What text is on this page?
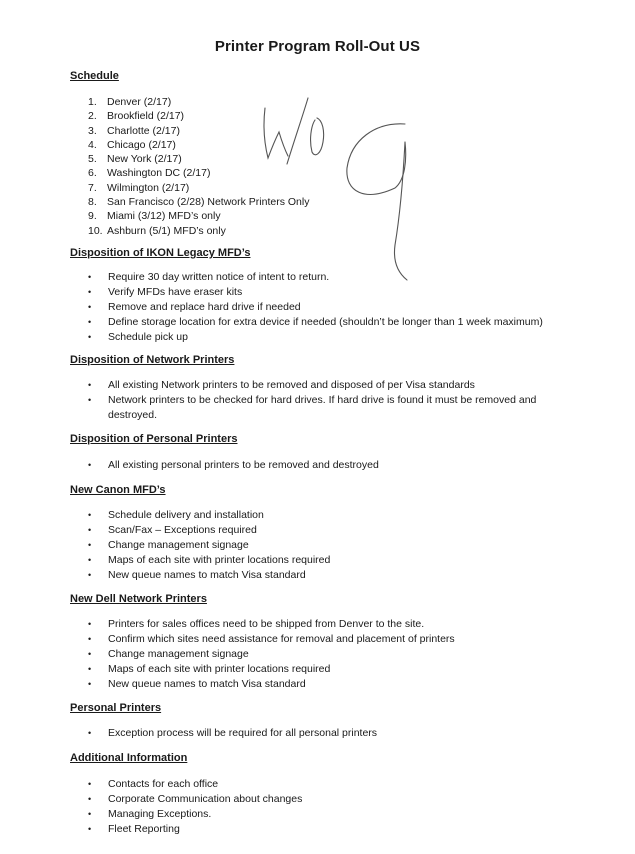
Printer Program Roll-Out US
Schedule
1. Denver (2/17)
2. Brookfield (2/17)
3. Charlotte (2/17)
4. Chicago (2/17)
5. New York (2/17)
6. Washington DC (2/17)
7. Wilmington (2/17)
8. San Francisco (2/28) Network Printers Only
9. Miami (3/12) MFD’s only
10. Ashburn (5/1) MFD’s only
Disposition of IKON Legacy MFD’s
• Require 30 day written notice of intent to return.
• Verify MFDs have eraser kits
• Remove and replace hard drive if needed
• Define storage location for extra device if needed (shouldn’t be longer than 1 week maximum)
• Schedule pick up
Disposition of Network Printers
• All existing Network printers to be removed and disposed of per Visa standards
• Network printers to be checked for hard drives. If hard drive is found it must be removed and destroyed.
Disposition of Personal Printers
• All existing personal printers to be removed and destroyed
New Canon MFD’s
• Schedule delivery and installation
• Scan/Fax – Exceptions required
• Change management signage
• Maps of each site with printer locations required
• New queue names to match Visa standard
New Dell Network Printers
• Printers for sales offices need to be shipped from Denver to the site.
• Confirm which sites need assistance for removal and placement of printers
• Change management signage
• Maps of each site with printer locations required
• New queue names to match Visa standard
Personal Printers
• Exception process will be required for all personal printers
Additional Information
• Contacts for each office
• Corporate Communication about changes
• Managing Exceptions.
• Fleet Reporting
